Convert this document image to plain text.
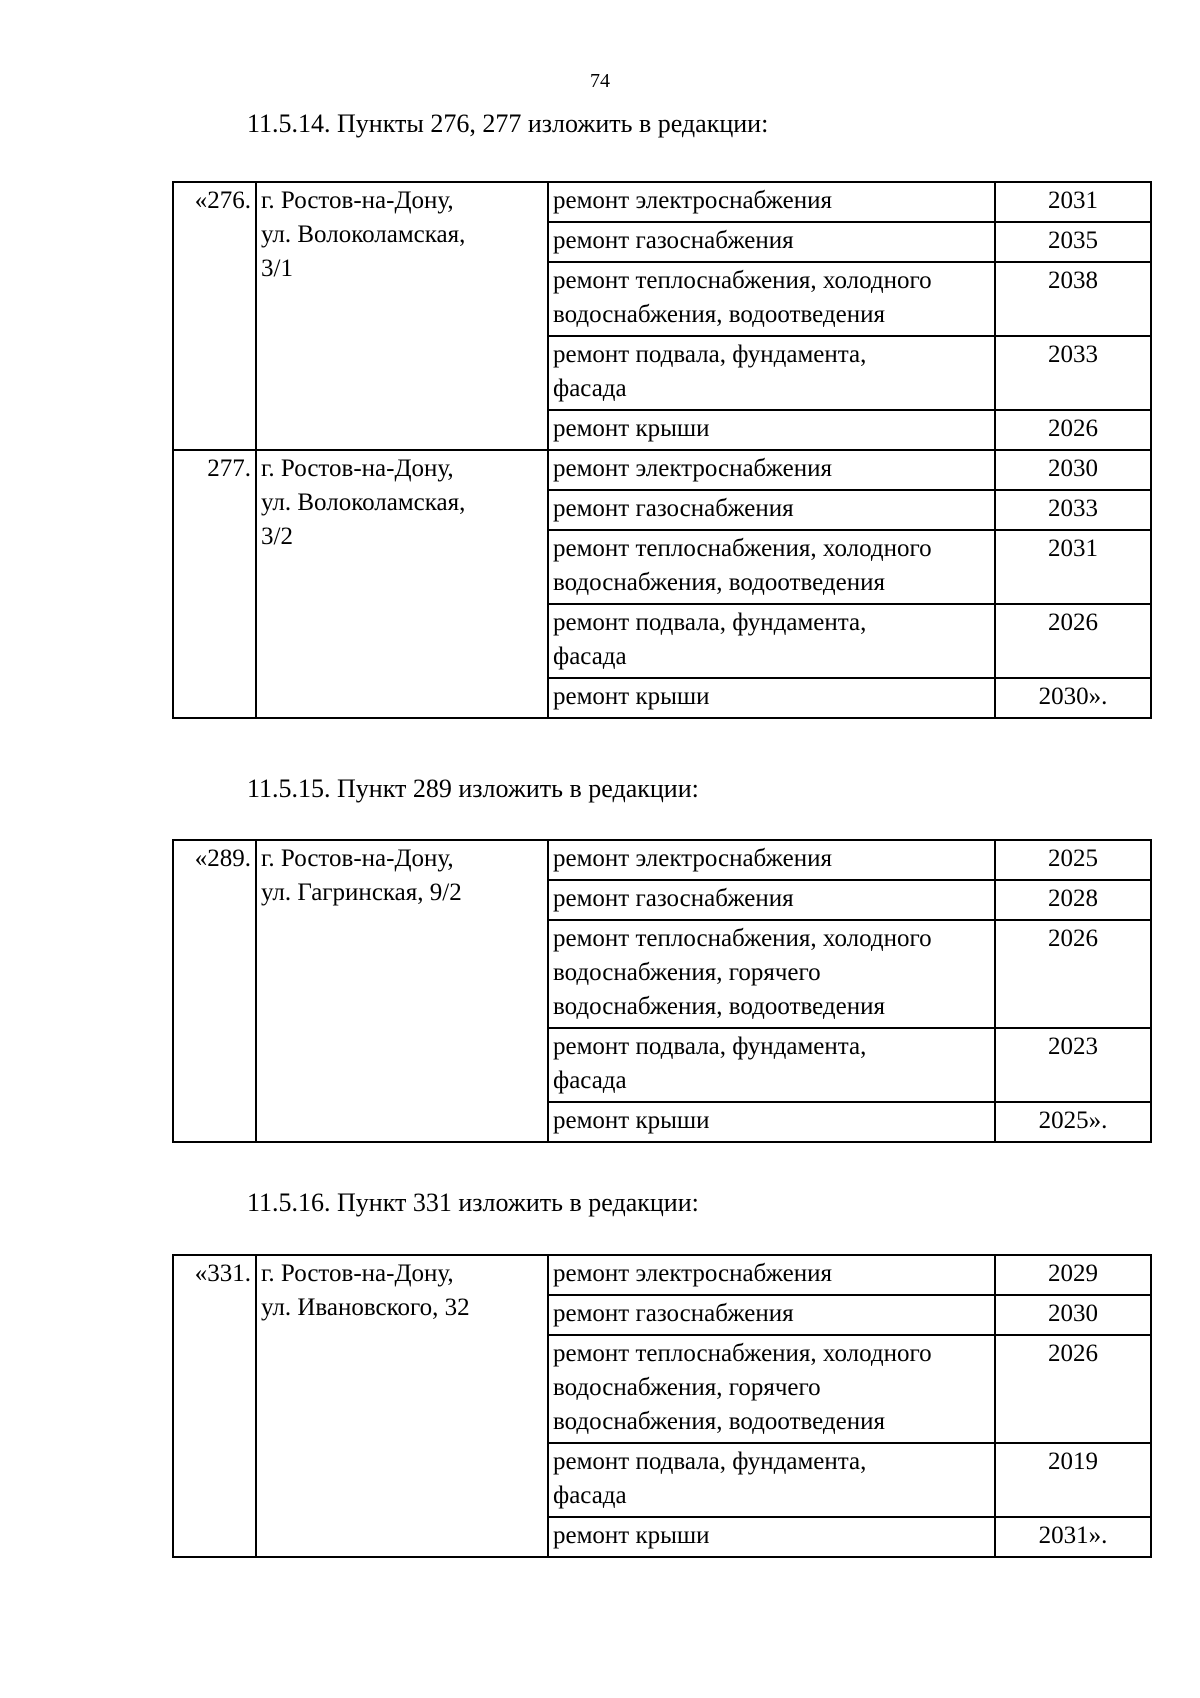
74
11.5.14. Пункты 276, 277 изложить в редакции:
«276.	г. Ростов-на-Дону,
ул. Волоколамская,
3/1	ремонт электроснабжения	2031

		ремонт газоснабжения	2035

		ремонт теплоснабжения, холодного
водоснабжения, водоотведения	2038

		ремонт подвала, фундамента,
фасада	2033

		ремонт крыши	2026
277.	г. Ростов-на-Дону,
ул. Волоколамская,
3/2	ремонт электроснабжения	2030

		ремонт газоснабжения	2033

		ремонт теплоснабжения, холодного
водоснабжения, водоотведения	2031

		ремонт подвала, фундамента,
фасада	2026

		ремонт крыши	2030».
11.5.15. Пункт 289 изложить в редакции:
«289.	г. Ростов-на-Дону,
ул. Гагринская, 9/2	ремонт электроснабжения	2025

		ремонт газоснабжения	2028

		ремонт теплоснабжения, холодного
водоснабжения, горячего
водоснабжения, водоотведения	2026

		ремонт подвала, фундамента,
фасада	2023

		ремонт крыши	2025».
11.5.16. Пункт 331 изложить в редакции:
«331.	г. Ростов-на-Дону,
ул. Ивановского, 32	ремонт электроснабжения	2029

		ремонт газоснабжения	2030

		ремонт теплоснабжения, холодного
водоснабжения, горячего
водоснабжения, водоотведения	2026

		ремонт подвала, фундамента,
фасада	2019

		ремонт крыши	2031».
